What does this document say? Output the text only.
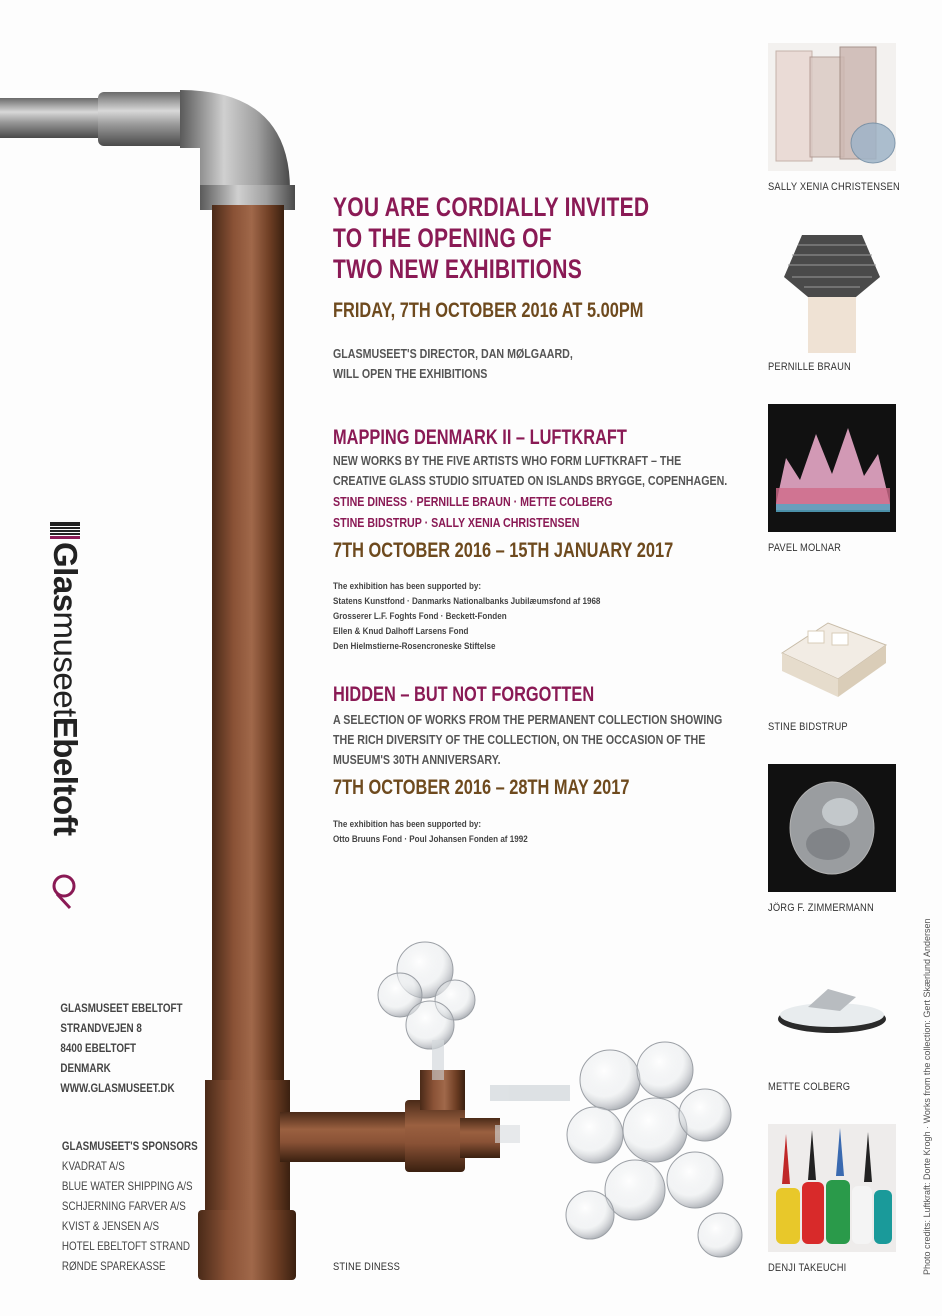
GlasmuseetEbeltoft
YOU ARE CORDIALLY INVITED
TO THE OPENING OF
TWO NEW EXHIBITIONS
FRIDAY, 7TH OCTOBER 2016 AT 5.00PM
GLASMUSEET'S DIRECTOR, DAN MØLGAARD,
WILL OPEN THE EXHIBITIONS
MAPPING DENMARK II – LUFTKRAFT
NEW WORKS BY THE FIVE ARTISTS WHO FORM LUFTKRAFT – THE
CREATIVE GLASS STUDIO SITUATED ON ISLANDS BRYGGE, COPENHAGEN.
STINE DINESS · PERNILLE BRAUN · METTE COLBERG
STINE BIDSTRUP · SALLY XENIA CHRISTENSEN
7TH OCTOBER 2016 – 15TH JANUARY 2017
The exhibition has been supported by:
Statens Kunstfond · Danmarks Nationalbanks Jubilæumsfond af 1968
Grosserer L.F. Foghts Fond · Beckett-Fonden
Ellen & Knud Dalhoff Larsens Fond
Den Hielmstierne-Rosencroneske Stiftelse
HIDDEN – BUT NOT FORGOTTEN
A SELECTION OF WORKS FROM THE PERMANENT COLLECTION SHOWING
THE RICH DIVERSITY OF THE COLLECTION, ON THE OCCASION OF THE
MUSEUM'S 30TH ANNIVERSARY.
7TH OCTOBER 2016 – 28TH MAY 2017
The exhibition has been supported by:
Otto Bruuns Fond · Poul Johansen Fonden af 1992
GLASMUSEET EBELTOFT
STRANDVEJEN 8
8400 EBELTOFT
DENMARK
WWW.GLASMUSEET.DK
GLASMUSEET'S SPONSORS
KVADRAT A/S
BLUE WATER SHIPPING A/S
SCHJERNING FARVER A/S
KVIST & JENSEN A/S
HOTEL EBELTOFT STRAND
RØNDE SPAREKASSE	STINE DINESS
SALLY XENIA CHRISTENSEN
PERNILLE BRAUN
PAVEL MOLNAR
STINE BIDSTRUP
JÖRG F. ZIMMERMANN
METTE COLBERG
DENJI TAKEUCHI	Photo credits: Luftkraft: Dorte Krogh · Works from the collection: Gert Skærlund Andersen
